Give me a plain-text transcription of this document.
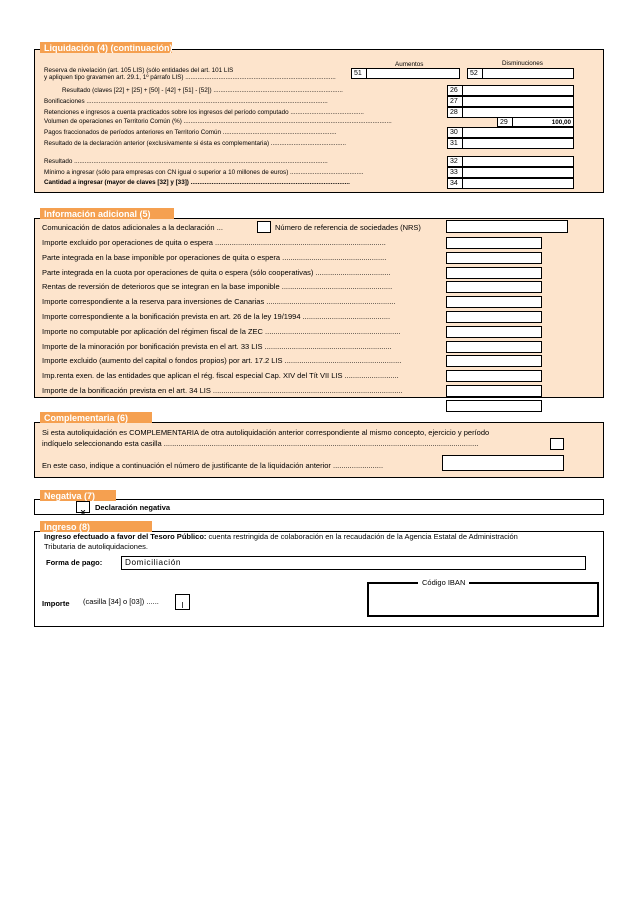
Liquidación (4) (continuación)
Aumentos	Disminuciones
Reserva de nivelación (art. 105 LIS) (sólo entidades del art. 101 LIS
y apliquen tipo gravamen art. 29.1, 1º párrafo LIS) ......................................................................................
51	52
Resultado (claves [22] + [25] + [50] - [42] + [51] - [52]) ..........................................................................	26
Bonificaciones ..........................................................................................................................................	27
Retenciones e ingresos a cuenta practicados sobre los ingresos del período computado ..........................................	28
Volumen de operaciones en Territorio Común (%) .......................................................................................................................	29	100,00
Pagos fraccionados de períodos anteriores en Territorio Común .................................................................	30
Resultado de la declaración anterior (exclusivamente si ésta es complementaria) ...........................................	31
Resultado .................................................................................................................................................	32
Mínimo a ingresar (sólo para empresas con CN igual o superior a 10 millones de euros) ..........................................	33
Cantidad a ingresar (mayor de claves [32] y [33]) ...........................................................................................	34
Información adicional (5)
Comunicación de datos adicionales a la declaración ...	Número de referencia de sociedades (NRS)
Importe excluido por operaciones de quita o espera ..................................................................................
Parte integrada en la base imponible por operaciones de quita o espera ..................................................
Parte integrada en la cuota por operaciones de quita o espera (sólo cooperativas) ....................................
Rentas de reversión de deterioros que se integran en la base imponible .....................................................
Importe correspondiente a la reserva para inversiones de Canarias ..............................................................
Importe correspondiente a la bonificación prevista en art. 26 de la ley 19/1994 ..........................................
Importe no computable por aplicación del régimen fiscal de la ZEC .................................................................
Importe de la minoración por bonificación prevista en el art. 33 LIS .............................................................
Importe excluido (aumento del capital o fondos propios) por art. 17.2 LIS ........................................................
Imp.renta exen. de las entidades que aplican el rég. fiscal especial Cap. XIV del Tít VII LIS ..........................
Importe de la bonificación prevista en el art. 34 LIS ...........................................................................................
Complementaria (6)
Si esta autoliquidación es COMPLEMENTARIA de otra autoliquidación anterior correspondiente al mismo concepto, ejercicio y período
indíquelo seleccionando esta casilla .......................................................................................................................................................
En este caso, indique a continuación el número de justificante de la liquidación anterior ........................
Negativa (7)
X
Declaración negativa
Ingreso (8)
Ingreso efectuado a favor del Tesoro Público: cuenta restringida de colaboración en la recaudación de la Agencia Estatal de Administración
Tributaria de autoliquidaciones.
Forma de pago:	Domiciliación
Código IBAN
Importe (casilla [34] o [03]) ......	I
